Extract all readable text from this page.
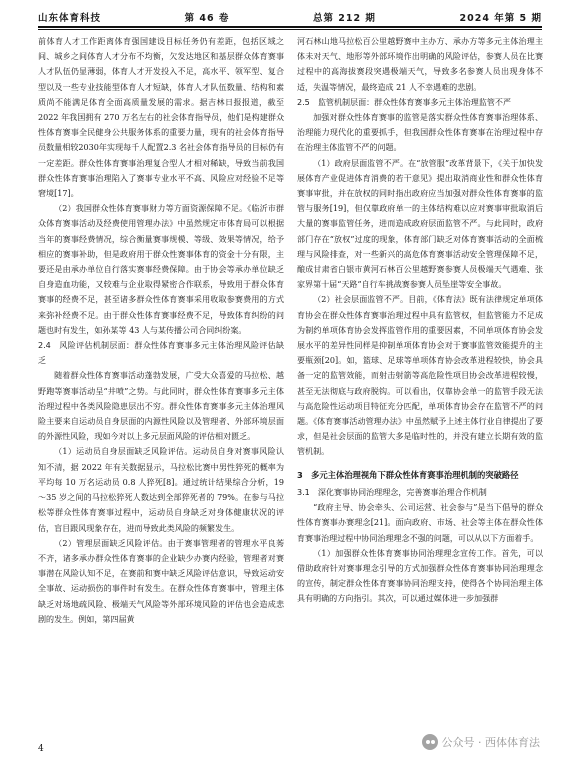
山东体育科技	第 46 卷	总第 212 期	2024 年第 5 期

前体育人才工作距离体育强国建设目标任务仍有差距，包括区域之间、城乡之间体育人才分布不均衡，欠发达地区和基层群众体育赛事人才队伍仍显薄弱，体育人才开发投入不足，高水平、领军型、复合型以及一些专业技能型体育人才短缺，体育人才队伍数量、结构和素质尚不能满足体育全面高质量发展的需求。据吉林日报报道，截至 2022 年我国拥有 270 万名左右的社会体育指导员，他们是构建群众性体育赛事全民健身公共服务体系的重要力量，现有的社会体育指导员数量相较2030年实现每千人配置2.3 名社会体育指导员的目标仍有一定差距。群众性体育赛事治理复合型人才相对稀缺，导致当前我国群众性体育赛事治理陷入了赛事专业水平不高、风险应对经验不足等窘境[17]。

（2）我国群众性体育赛事财力等方面资源保障不足。《临沂市群众体育赛事活动及经费使用管理办法》中虽然规定市体育局可以根据当年的赛事经费情况，综合衡量赛事规模、等级、效果等情况，给予相应的赛事补助，但是政府用于群众性赛事体育的资金十分有限，主要还是由承办单位自行落实赛事经费保障。由于协会等承办单位缺乏自身造血功能，又较难与企业取得紧密合作联系，导致用于群众体育赛事的经费不足，甚至诸多群众性体育赛事采用收取参赛费用的方式来弥补经费不足。由于群众性体育赛事经费不足，导致体育纠纷的问题也时有发生，如孙某等 43 人与某传播公司合同纠纷案。

2.4　风险评估机制层面：群众性体育赛事多元主体治理风险评估缺乏

随着群众性体育赛事活动蓬勃发展，广受大众喜爱的马拉松、越野跑等赛事活动呈“井喷”之势。与此同时，群众性体育赛事多元主体治理过程中各类风险隐患层出不穷。群众性体育赛事多元主体治理风险主要来自运动员自身层面的内源性风险以及管理者、外部环境层面的外源性风险，现如今对以上多元层面风险的评估相对匮乏。

（1）运动员自身层面缺乏风险评估。运动员自身对赛事风险认知不清，据 2022 年有关数据显示，马拉松比赛中男性猝死的概率为平均每 10 万名运动员 0.8 人猝死[8]。通过统计结果综合分析，19～35 岁之间的马拉松猝死人数达到全部猝死者的 79%。在参与马拉松等群众性体育赛事过程中，运动员自身缺乏对身体健康状况的评估，盲目跟风现象存在，进而导致此类风险的频繁发生。

（2）管理层面缺乏风险评估。由于赛事管理者的管理水平良莠不齐，诸多承办群众性体育赛事的企业缺少办赛内经验，管理者对赛事潜在风险认知不足，在赛前和赛中缺乏风险评估意识，导致运动安全事故、运动损伤的事件时有发生。在群众性体育赛事中，管理主体缺乏对场地疏风险、极端天气风险等外部环境风险的评估也会造成悲剧的发生。例如，第四届黄

河石林山地马拉松百公里越野赛中主办方、承办方等多元主体治理主体未对天气、地形等外部环境作出明确的风险评估，参赛人员在比赛过程中的高海拔赛段突遇极端天气，导致多名参赛人员出现身体不适，失温等情况，最终造成 21 人不幸遇难的悲剧。

2.5　监管机制层面：群众性体育赛事多元主体治理监管不严

加强对群众性体育赛事的监管是落实群众性体育赛事治理体系、治理能力现代化的重要抓手，但我国群众性体育赛事在治理过程中存在治理主体监管不严的问题。

（1）政府层面监管不严。在“放管服”改革背景下，《关于加快发展体育产业促进体育消费的若干意见》提出取消商业性和群众性体育赛事审批，并在放权的同时指出政府应当加强对群众性体育赛事的监管与服务[19]，但仅靠政府单一的主体结构难以应对赛事审批取消后大量的赛事监管任务，进而造成政府层面监管不严。与此同时，政府部门存在“放权”过度的现象，体育部门缺乏对体育赛事活动的全面梳理与风险排查，对一些新兴的高危体育赛事活动安全管理保障不足，酿成甘肃省白银市黄河石林百公里越野赛参赛人员极端天气遇难、张家界第十届“天路”自行车挑战赛参赛人员坠崖等安全事故。

（2）社会层面监管不严。目前，《体育法》既有法律规定单项体育协会在群众性体育赛事治理过程中具有监管权，但监管能力不足成为制约单项体育协会发挥监管作用的重要因素，不同单项体育协会发展水平的差异性同样是抑制单项体育协会对于赛事监管效能提升的主要瓶颈[20]。如，篮球、足球等单项体育协会改革进程较快，协会具备一定的监管效能，而射击射箭等高危险性项目协会改革进程较慢，甚至无法彻底与政府脱钩。可以看出，仅靠协会单一的监管手段无法与高危险性运动项目特征充分匹配，单项体育协会存在监管不严的问题。《体育赛事活动管理办法》中虽然赋予上述主体行业自律提出了要求，但是社会层面的监管大多是临时性的，并没有建立长期有效的监管机制。

3　多元主体治理视角下群众性体育赛事治理机制的突破路径

3.1　深化赛事协同治理理念，完善赛事治理合作机制

“政府主导、协会牵头、公司运营、社会参与”是当下倡导的群众性体育赛事办赛理念[21]。面向政府、市场、社会等主体在群众性体育赛事治理过程中协同治理理念不强的问题，可以从以下方面着手。

（1）加强群众性体育赛事协同治理理念宣传工作。首先，可以借助政府针对赛事理念引导的方式加强群众性体育赛事协同治理理念的宣传，制定群众性体育赛事协同治理支持，使得各个协同治理主体具有明确的方向指引。其次，可以通过媒体进一步加强群

4	公众号 · 西体体育法
